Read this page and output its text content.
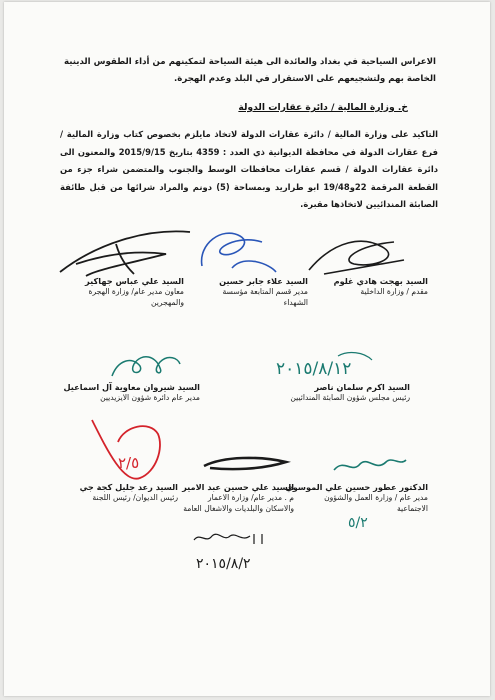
الاعراس السياحية في بغداد والعائدة الى هيئة السياحة لتمكينهم من أداء الطقوس الدينية الخاصة بهم ولتشجيعهم على الاستقرار في البلد وعدم الهجرة.
خ. وزارة المالية / دائرة عقارات الدولة
التاكيد على وزارة المالية / دائرة عقارات الدولة لاتخاذ مايلزم بخصوص كتاب وزارة المالية / فرع عقارات الدولة في محافظة الديوانية ذي العدد : 4359 بتاريخ 2015/9/15 والمعنون الى دائرة عقارات الدولة / قسم عقارات محافظات الوسط والجنوب والمتضمن شراء جزء من القطعة المرقمة 22و19/48 ابو طراريد وبمساحة (5) دونم والمراد شرائها من قبل طائفة الصابئة المندائيين لاتخاذها مقبرة.
السيد بهجت هادي غلوم
مقدم / وزارة الداخلية
السيد علاء جابر حسين
مدير قسم المتابعة مؤسسة الشهداء
السيد علي عباس جهاكير
معاون مدير عام/ وزارة الهجرة والمهجرين
٢٠١٥/٨/١٢
السيد اكرم سلمان ناصر
رئيس مجلس شؤون الصابئة المندائيين
السيد شيروان معاوية آل اسماعيل
مدير عام دائرة شؤون الايزيديين
٢/٥
الدكتور عطور حسين علي الموسوي
مدير عام / وزارة العمل والشؤون الاجتماعية
٥/٢
السيد علي حسين عبد الامير
م . مدير عام/ وزارة الاعمار والاسكان والبلديات والاشغال العامة
السيد رعد جليل كجة جي
رئيس الديوان/ رئيس اللجنة
٢٠١٥/٨/٢
